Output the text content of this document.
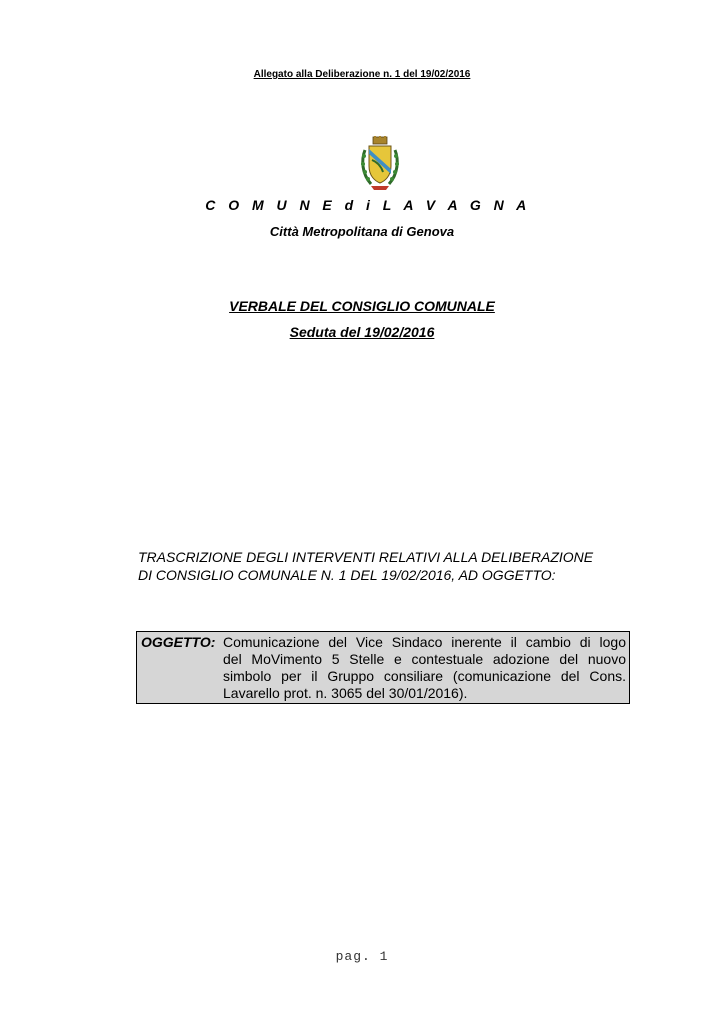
Allegato alla Deliberazione n. 1 del 19/02/2016
C O M U N E d i L A V A G N A
Città Metropolitana di Genova
VERBALE DEL CONSIGLIO COMUNALE
Seduta del 19/02/2016
TRASCRIZIONE DEGLI INTERVENTI RELATIVI ALLA DELIBERAZIONE
DI CONSIGLIO COMUNALE N. 1 DEL 19/02/2016, AD OGGETTO:
OGGETTO: Comunicazione del Vice Sindaco inerente il cambio di logo
del MoVimento 5 Stelle e contestuale adozione del nuovo
simbolo per il Gruppo consiliare (comunicazione del Cons.
Lavarello prot. n. 3065 del 30/01/2016).
pag. 1
